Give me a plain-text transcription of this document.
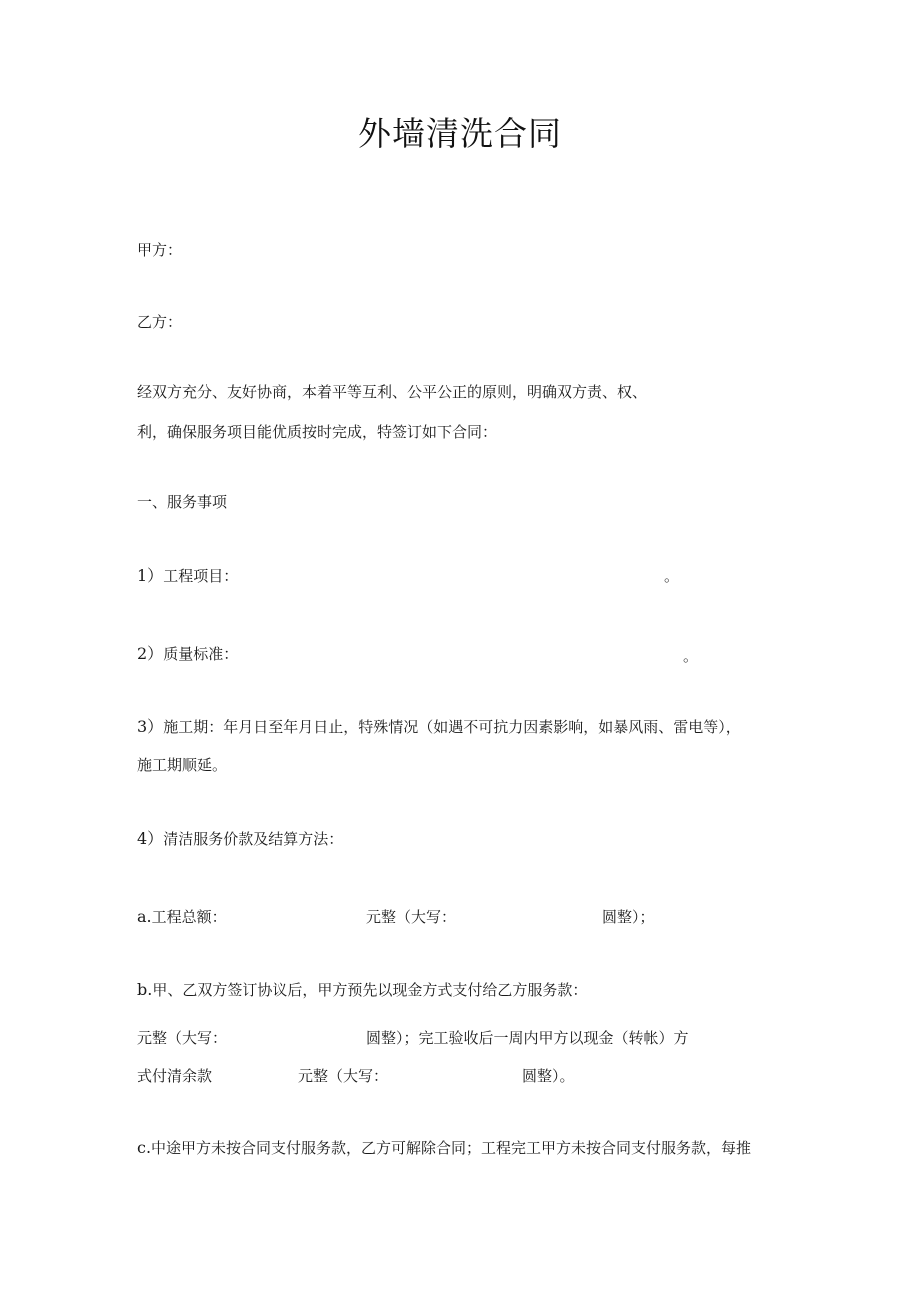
外墙清洗合同
甲方：
乙方：
经双方充分、友好协商，本着平等互利、公平公正的原则，明确双方责、权、
利，确保服务项目能优质按时完成，特签订如下合同：
一、服务事项
1）工程项目：	。
2）质量标准：	。
3）施工期：年月日至年月日止，特殊情况（如遇不可抗力因素影响，如暴风雨、雷电等），
施工期顺延。
4）清洁服务价款及结算方法：
a.工程总额：	元整（大写：	圆整）；
b.甲、乙双方签订协议后，甲方预先以现金方式支付给乙方服务款：
元整（大写：	圆整）；完工验收后一周内甲方以现金（转帐）方
式付清余款	元整（大写：	圆整）。
c.中途甲方未按合同支付服务款，乙方可解除合同；工程完工甲方未按合同支付服务款，每推
